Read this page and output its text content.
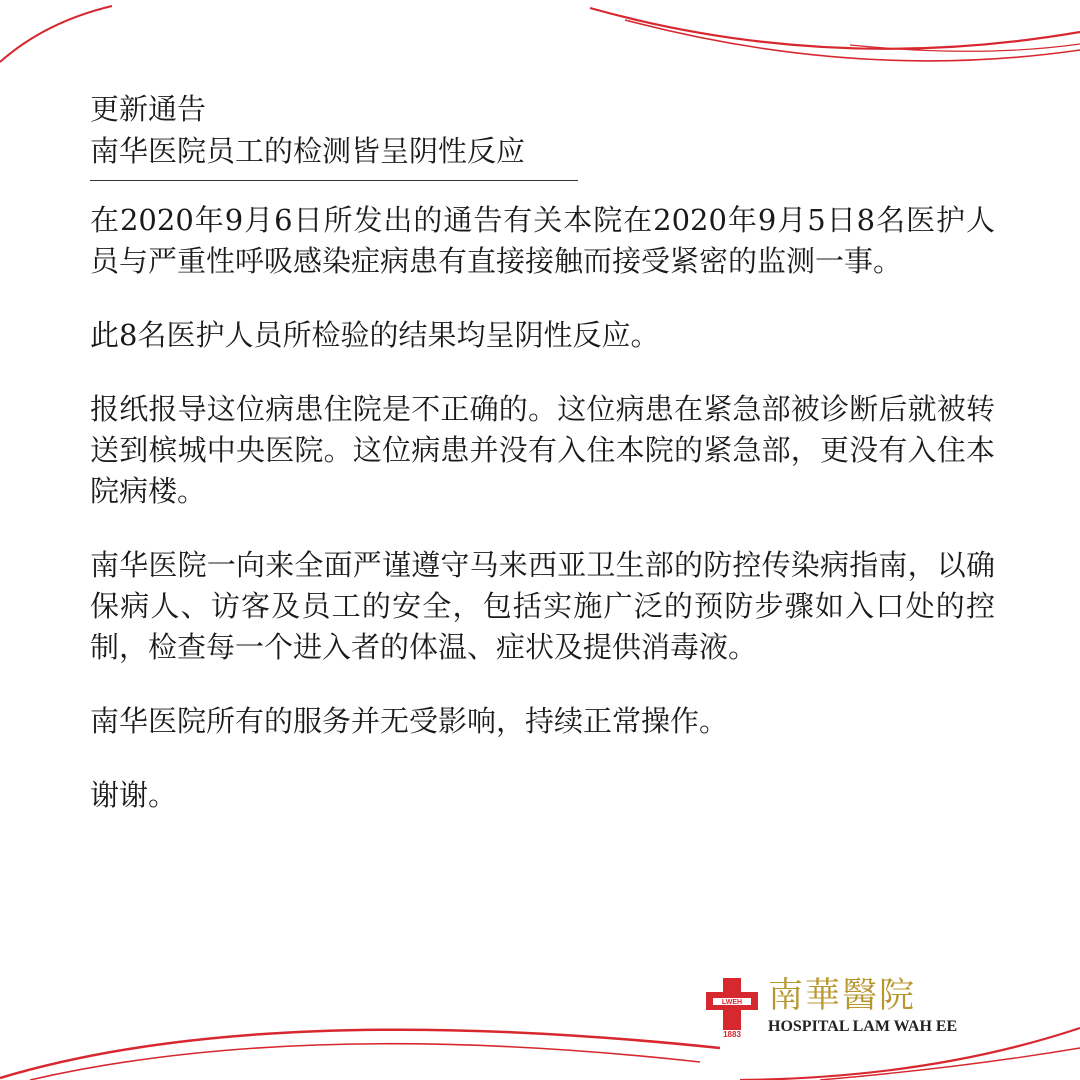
更新通告
南华医院员工的检测皆呈阴性反应

在2020年9月6日所发出的通告有关本院在2020年9月5日8名医护人员与严重性呼吸感染症病患有直接接触而接受紧密的监测一事。

此8名医护人员所检验的结果均呈阴性反应。

报纸报导这位病患住院是不正确的。这位病患在紧急部被诊断后就被转送到槟城中央医院。这位病患并没有入住本院的紧急部，更没有入住本院病楼。

南华医院一向来全面严谨遵守马来西亚卫生部的防控传染病指南，以确保病人、访客及员工的安全，包括实施广泛的预防步骤如入口处的控制，检查每一个进入者的体温、症状及提供消毒液。

南华医院所有的服务并无受影响，持续正常操作。

谢谢。

LWEH
1883
南華醫院
HOSPITAL LAM WAH EE
